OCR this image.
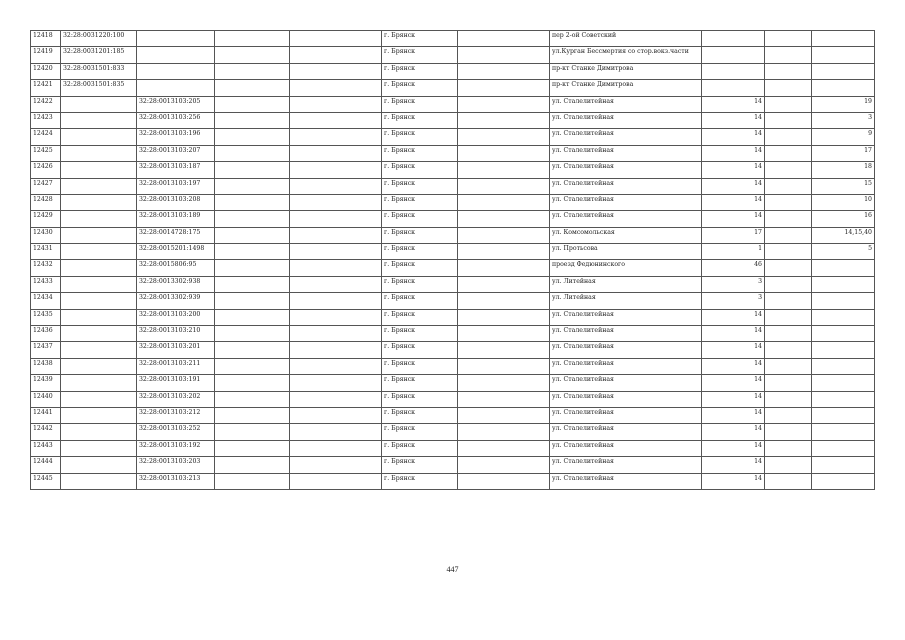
12418	32:28:0031220:100				г. Брянск		пер 2-ой Советский			
12419	32:28:0031201:185				г. Брянск		ул.Курган Бессмертия со стор.вокз.части			
12420	32:28:0031501:833				г. Брянск		пр-кт Станке Димитрова			
12421	32:28:0031501:835				г. Брянск		пр-кт Станке Димитрова			
12422		32:28:0013103:205			г. Брянск		ул. Сталелитейная	14		19
12423		32:28:0013103:256			г. Брянск		ул. Сталелитейная	14		3
12424		32:28:0013103:196			г. Брянск		ул. Сталелитейная	14		9
12425		32:28:0013103:207			г. Брянск		ул. Сталелитейная	14		17
12426		32:28:0013103:187			г. Брянск		ул. Сталелитейная	14		18
12427		32:28:0013103:197			г. Брянск		ул. Сталелитейная	14		15
12428		32:28:0013103:208			г. Брянск		ул. Сталелитейная	14		10
12429		32:28:0013103:189			г. Брянск		ул. Сталелитейная	14		16
12430		32:28:0014728:175			г. Брянск		ул. Комсомольская	17		14,15,40
12431		32:28:0015201:1498			г. Брянск		ул. Протьсова	1		5
12432		32:28:0015806:95			г. Брянск		проезд Федюнинского	46		
12433		32:28:0013302:938			г. Брянск		ул. Литейная	3		
12434		32:28:0013302:939			г. Брянск		ул. Литейная	3		
12435		32:28:0013103:200			г. Брянск		ул. Сталелитейная	14		
12436		32:28:0013103:210			г. Брянск		ул. Сталелитейная	14		
12437		32:28:0013103:201			г. Брянск		ул. Сталелитейная	14		
12438		32:28:0013103:211			г. Брянск		ул. Сталелитейная	14		
12439		32:28:0013103:191			г. Брянск		ул. Сталелитейная	14		
12440		32:28:0013103:202			г. Брянск		ул. Сталелитейная	14		
12441		32:28:0013103:212			г. Брянск		ул. Сталелитейная	14		
12442		32:28:0013103:252			г. Брянск		ул. Сталелитейная	14		
12443		32:28:0013103:192			г. Брянск		ул. Сталелитейная	14		
12444		32:28:0013103:203			г. Брянск		ул. Сталелитейная	14		
12445		32:28:0013103:213			г. Брянск		ул. Сталелитейная	14		
447
